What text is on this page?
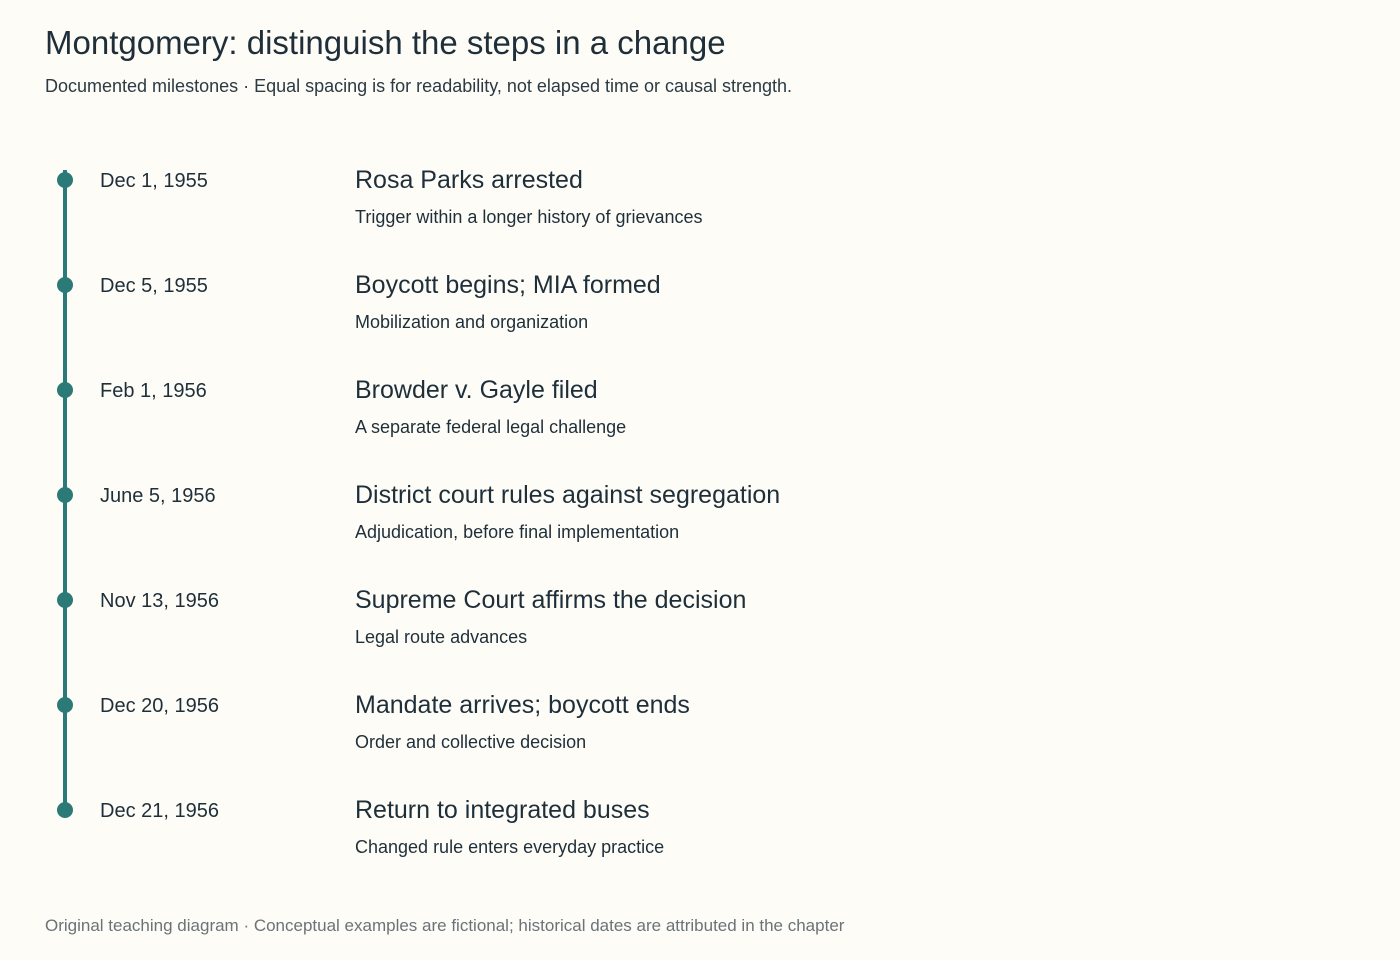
Montgomery: distinguish the steps in a change
Documented milestones · Equal spacing is for readability, not elapsed time or causal strength.
Dec 1, 1955	Rosa Parks arrested
Trigger within a longer history of grievances
Dec 5, 1955	Boycott begins; MIA formed
Mobilization and organization
Feb 1, 1956	Browder v. Gayle filed
A separate federal legal challenge
June 5, 1956	District court rules against segregation
Adjudication, before final implementation
Nov 13, 1956	Supreme Court affirms the decision
Legal route advances
Dec 20, 1956	Mandate arrives; boycott ends
Order and collective decision
Dec 21, 1956	Return to integrated buses
Changed rule enters everyday practice
Original teaching diagram · Conceptual examples are fictional; historical dates are attributed in the chapter
